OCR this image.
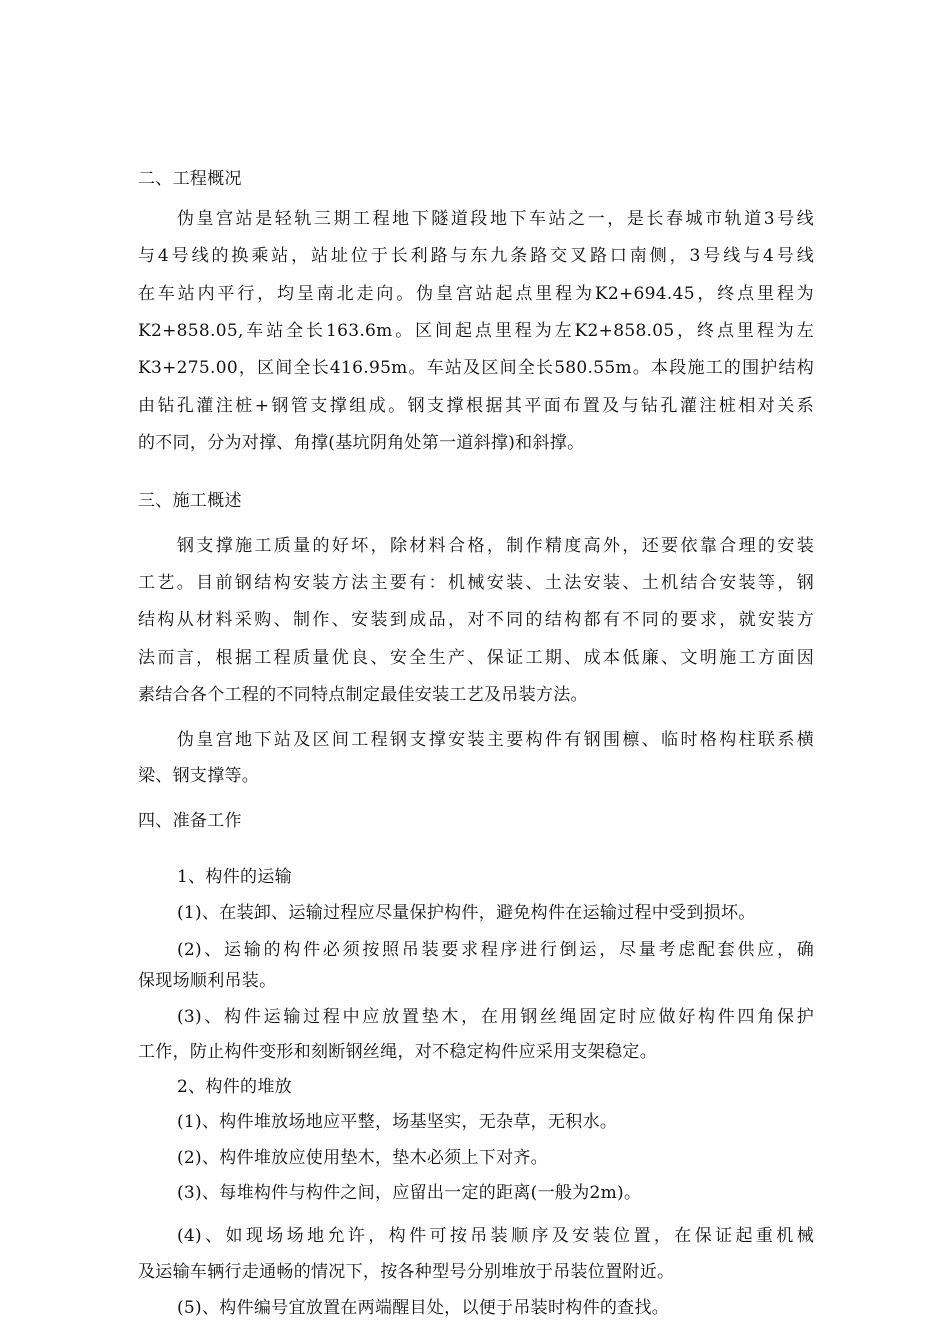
二、工程概况
伪皇宫站是轻轨三期工程地下隧道段地下车站之一，是长春城市轨道3号线
与4号线的换乘站，站址位于长利路与东九条路交叉路口南侧，3号线与4号线
在车站内平行，均呈南北走向。伪皇宫站起点里程为K2+694.45，终点里程为
K2+858.05,车站全长163.6m。区间起点里程为左K2+858.05，终点里程为左
K3+275.00，区间全长416.95m。车站及区间全长580.55m。本段施工的围护结构
由钻孔灌注桩+钢管支撑组成。钢支撑根据其平面布置及与钻孔灌注桩相对关系
的不同，分为对撑、角撑(基坑阴角处第一道斜撑)和斜撑。
三、施工概述
钢支撑施工质量的好坏，除材料合格，制作精度高外，还要依靠合理的安装
工艺。目前钢结构安装方法主要有：机械安装、土法安装、土机结合安装等，钢
结构从材料采购、制作、安装到成品，对不同的结构都有不同的要求，就安装方
法而言，根据工程质量优良、安全生产、保证工期、成本低廉、文明施工方面因
素结合各个工程的不同特点制定最佳安装工艺及吊装方法。
伪皇宫地下站及区间工程钢支撑安装主要构件有钢围檩、临时格构柱联系横
梁、钢支撑等。
四、准备工作
1、构件的运输
(1)、在装卸、运输过程应尽量保护构件，避免构件在运输过程中受到损坏。
(2)、运输的构件必须按照吊装要求程序进行倒运，尽量考虑配套供应，确
保现场顺利吊装。
(3)、构件运输过程中应放置垫木，在用钢丝绳固定时应做好构件四角保护
工作，防止构件变形和刻断钢丝绳，对不稳定构件应采用支架稳定。
2、构件的堆放
(1)、构件堆放场地应平整，场基坚实，无杂草，无积水。
(2)、构件堆放应使用垫木，垫木必须上下对齐。
(3)、每堆构件与构件之间，应留出一定的距离(一般为2m)。
(4)、如现场场地允许，构件可按吊装顺序及安装位置，在保证起重机械
及运输车辆行走通畅的情况下，按各种型号分别堆放于吊装位置附近。
(5)、构件编号宜放置在两端醒目处，以便于吊装时构件的查找。
